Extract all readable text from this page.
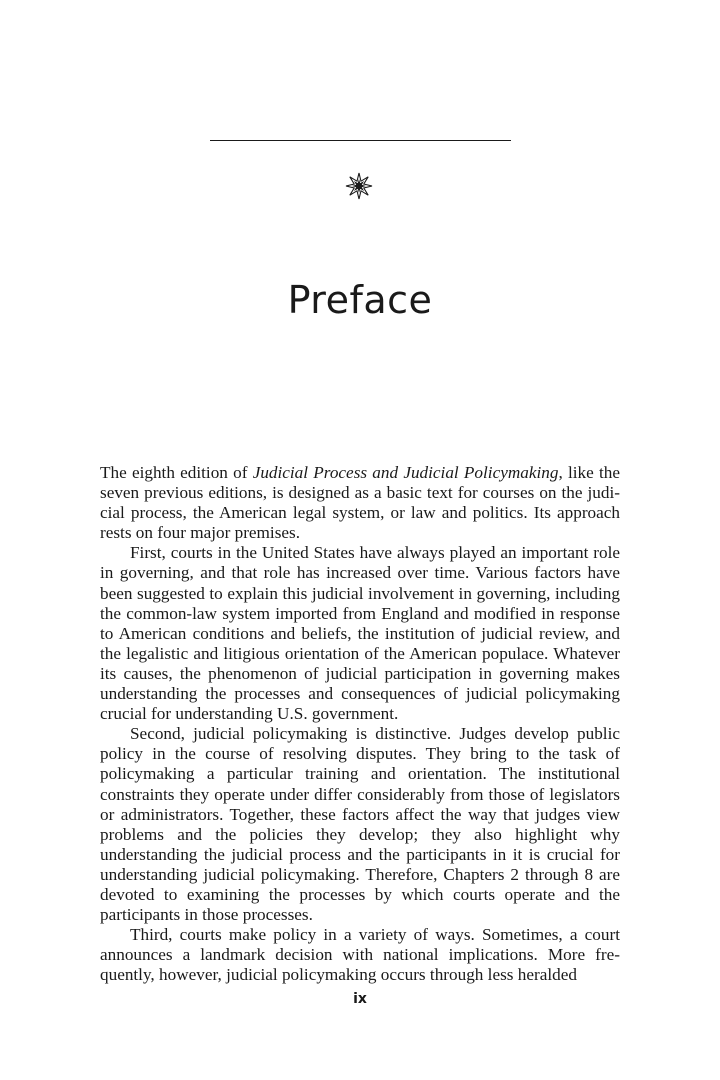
Preface

The eighth edition of Judicial Process and Judicial Policymaking, like the seven previous editions, is designed as a basic text for courses on the judicial process, the American legal system, or law and politics. Its approach rests on four major premises.

First, courts in the United States have always played an important role in governing, and that role has increased over time. Various factors have been suggested to explain this judicial involvement in governing, including the common-law system imported from England and modified in response to American conditions and beliefs, the institution of judicial review, and the legalistic and litigious orientation of the American populace. Whatever its causes, the phenomenon of judicial participation in governing makes understanding the processes and consequences of judicial policymaking crucial for understanding U.S. government.

Second, judicial policymaking is distinctive. Judges develop public policy in the course of resolving disputes. They bring to the task of policymaking a particular training and orientation. The institutional constraints they operate under differ considerably from those of legislators or administrators. Together, these factors affect the way that judges view problems and the policies they develop; they also highlight why understanding the judicial process and the participants in it is crucial for understanding judicial policymaking. Therefore, Chapters 2 through 8 are devoted to examining the processes by which courts operate and the participants in those processes.

Third, courts make policy in a variety of ways. Sometimes, a court announces a landmark decision with national implications. More frequently, however, judicial policymaking occurs through less heralded

ix
